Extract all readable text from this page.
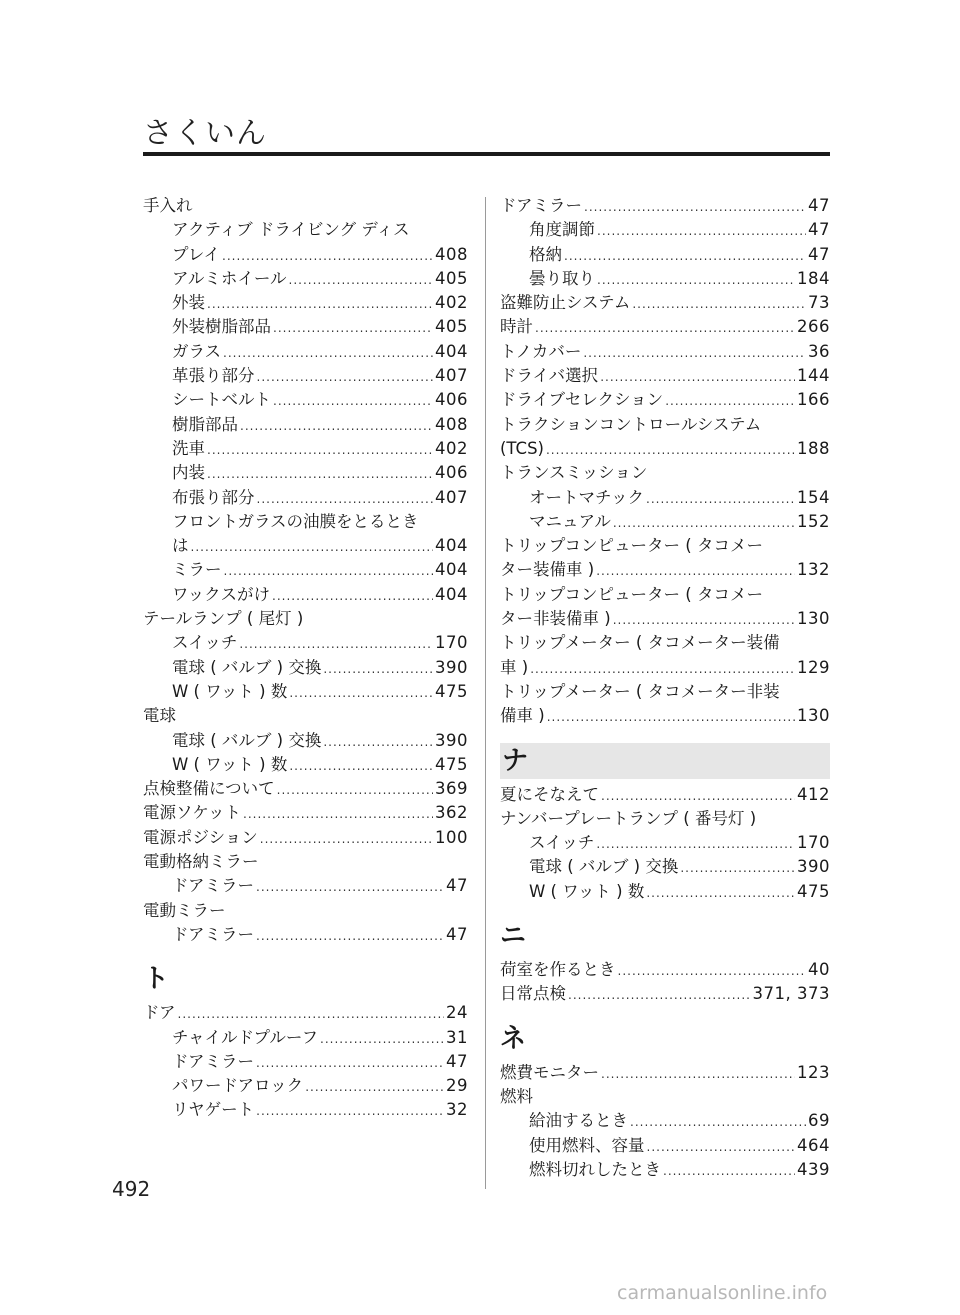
さくいん
手入れ
アクティブ ドライビング ディス
プレイ .....	408
アルミホイール .....	405
外装 .....	402
外装樹脂部品 .....	405
ガラス .....	404
革張り部分 .....	407
シートベルト .....	406
樹脂部品 .....	408
洗車 .....	402
内装 .....	406
布張り部分 .....	407
フロントガラスの油膜をとるとき
は .....	404
ミラー .....	404
ワックスがけ .....	404
テールランプ ( 尾灯 )
スイッチ .....	170
電球 ( バルブ ) 交換 .....	390
W ( ワット ) 数 .....	475
電球
電球 ( バルブ ) 交換 .....	390
W ( ワット ) 数 .....	475
点検整備について .....	369
電源ソケット .....	362
電源ポジション .....	100
電動格納ミラー
ドアミラー .....	47
電動ミラー
ドアミラー .....	47
ト
ドア .....	24
チャイルドプルーフ .....	31
ドアミラー .....	47
パワードアロック .....	29
リヤゲート .....	32
ドアミラー .....	47
角度調節 .....	47
格納 .....	47
曇り取り .....	184
盗難防止システム .....	73
時計 .....	266
トノカバー .....	36
ドライバ選択 .....	144
ドライブセレクション .....	166
トラクションコントロールシステム
(TCS) .....	188
トランスミッション
オートマチック .....	154
マニュアル .....	152
トリップコンピューター ( タコメー
ター装備車 ) .....	132
トリップコンピューター ( タコメー
ター非装備車 ) .....	130
トリップメーター ( タコメーター装備
車 ) .....	129
トリップメーター ( タコメーター非装
備車 ) .....	130
ナ
夏にそなえて .....	412
ナンバープレートランプ ( 番号灯 )
スイッチ .....	170
電球 ( バルブ ) 交換 .....	390
W ( ワット ) 数 .....	475
ニ
荷室を作るとき .....	40
日常点検 .....	371, 373
ネ
燃費モニター .....	123
燃料
給油するとき .....	69
使用燃料、容量 .....	464
燃料切れしたとき .....	439
492
carmanualsonline.info
